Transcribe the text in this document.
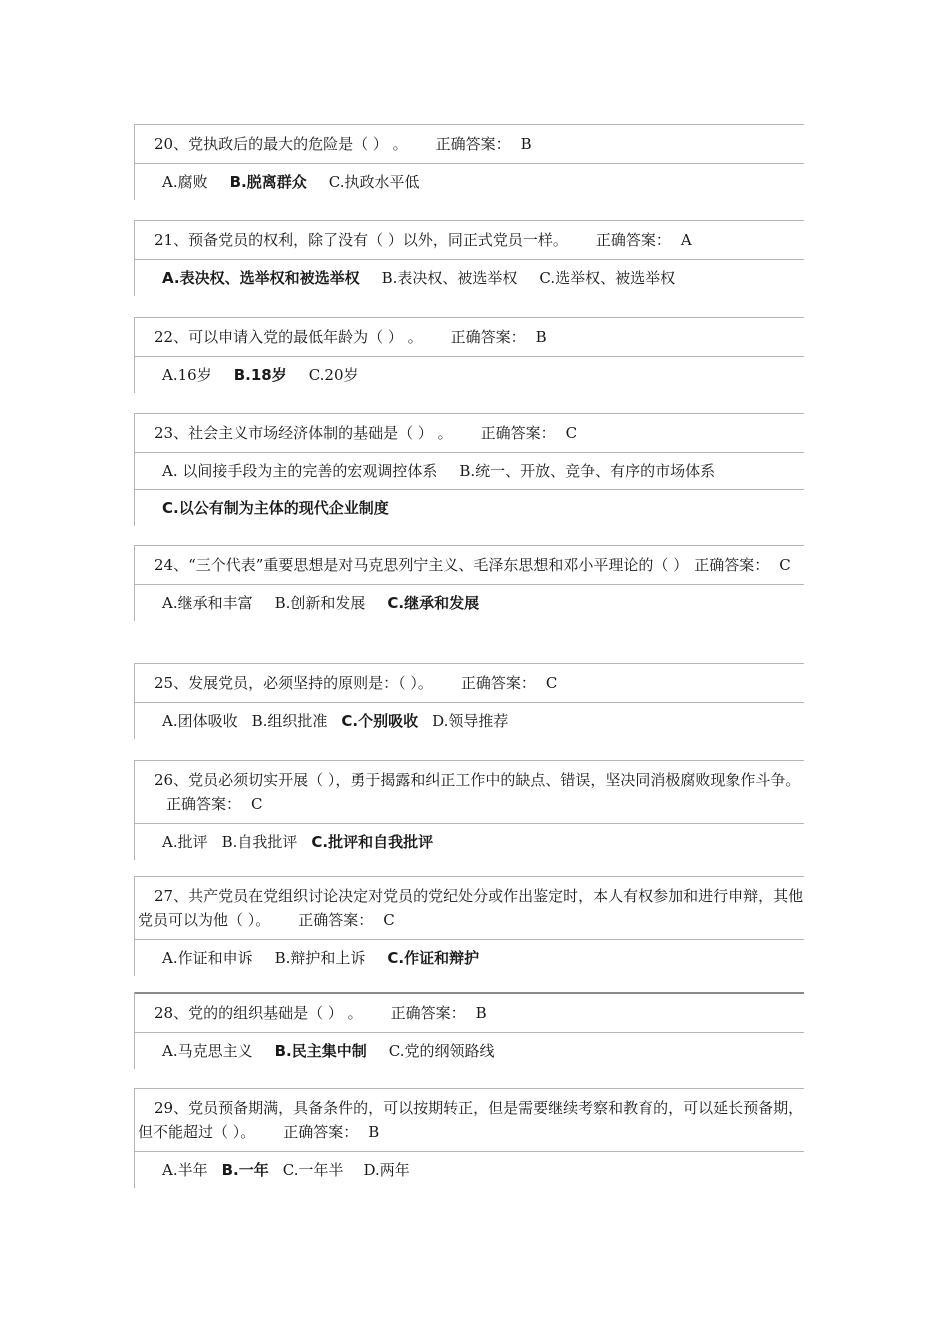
20、党执政后的最大的危险是（ ） 。 正确答案： B
A.腐败 B.脱离群众 C.执政水平低
21、预备党员的权利，除了没有（ ）以外，同正式党员一样。 正确答案： A
A.表决权、选举权和被选举权 B.表决权、被选举权 C.选举权、被选举权
22、可以申请入党的最低年龄为（ ） 。 正确答案： B
A.16岁 B.18岁 C.20岁
23、社会主义市场经济体制的基础是（ ） 。 正确答案： C
A. 以间接手段为主的完善的宏观调控体系 B.统一、开放、竞争、有序的市场体系
C.以公有制为主体的现代企业制度
24、“三个代表”重要思想是对马克思列宁主义、毛泽东思想和邓小平理论的（ ） 正确答案： C
A.继承和丰富 B.创新和发展 C.继承和发展
25、发展党员，必须坚持的原则是：（ ）。 正确答案： C
A.团体吸收 B.组织批准 C.个别吸收 D.领导推荐
26、党员必须切实开展（ ），勇于揭露和纠正工作中的缺点、错误，坚决同消极腐败现象作斗争。正确答案： C
A.批评 B.自我批评 C.批评和自我批评
27、共产党员在党组织讨论决定对党员的党纪处分或作出鉴定时，本人有权参加和进行申辩，其他党员可以为他（ ）。 正确答案： C
A.作证和申诉 B.辩护和上诉 C.作证和辩护
28、党的的组织基础是（ ） 。 正确答案： B
A.马克思主义 B.民主集中制 C.党的纲领路线
29、党员预备期满，具备条件的，可以按期转正，但是需要继续考察和教育的，可以延长预备期，但不能超过（ ）。 正确答案： B
A.半年 B.一年 C.一年半 D.两年
